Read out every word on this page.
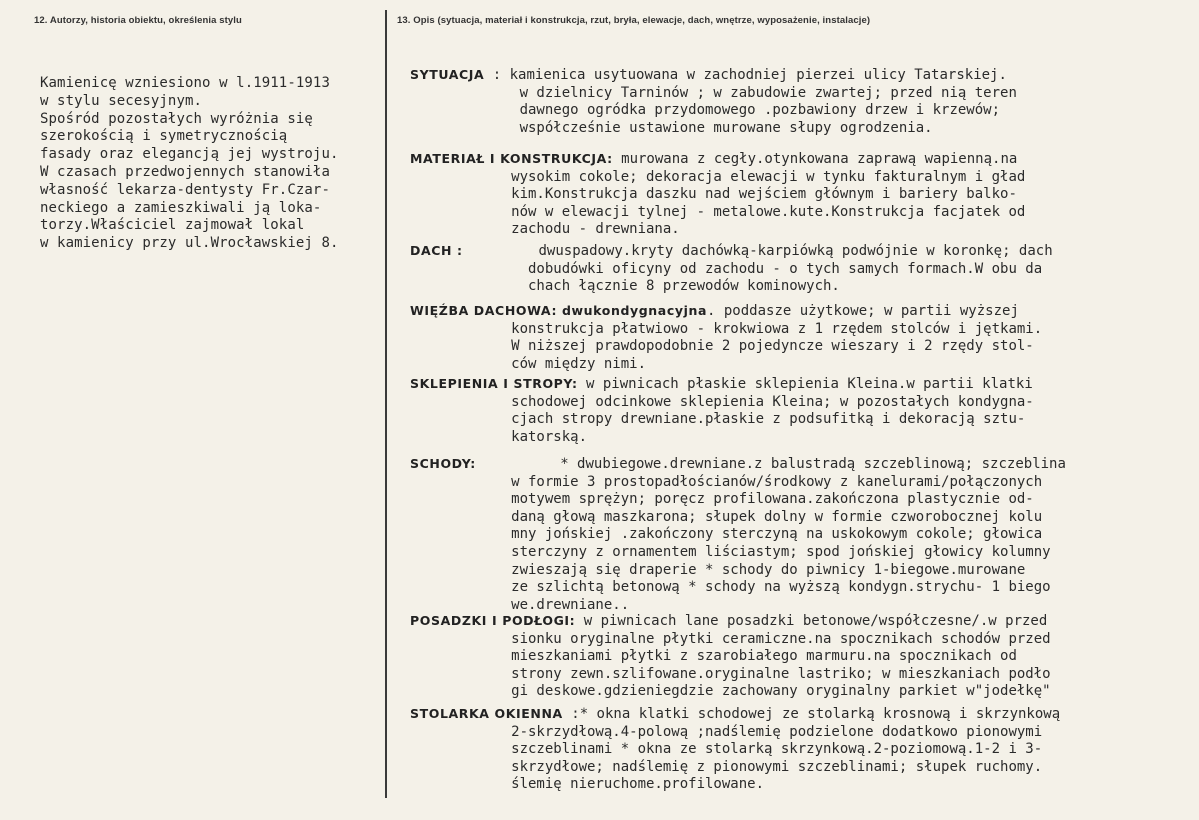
12. Autorzy, historia obiektu, określenia stylu	13. Opis (sytuacja, materiał i konstrukcja, rzut, bryła, elewacje, dach, wnętrze, wyposażenie, instalacje)
Kamienicę wzniesiono w l.1911-1913
w stylu secesyjnym.
Spośród pozostałych wyróżnia się
szerokością i symetrycznością
fasady oraz elegancją jej wystroju.
W czasach przedwojennych stanowiła
własność lekarza-dentysty Fr.Czar-
neckiego a zamieszkiwali ją loka-
torzy.Właściciel zajmował lokal
w kamienicy przy ul.Wrocławskiej 8.
SYTUACJA : kamienica usytuowana w zachodniej pierzei ulicy Tatarskiej.
w dzielnicy Tarninów ; w zabudowie zwartej; przed nią teren
dawnego ogródka przydomowego .pozbawiony drzew i krzewów;
współcześnie ustawione murowane słupy ogrodzenia.
MATERIAŁ I KONSTRUKCJA: murowana z cegły.otynkowana zaprawą wapienną.na
wysokim cokole; dekoracja elewacji w tynku fakturalnym i gład
kim.Konstrukcja daszku nad wejściem głównym i bariery balko-
nów w elewacji tylnej - metalowe.kute.Konstrukcja facjatek od
zachodu - drewniana.
DACH :         dwuspadowy.kryty dachówką-karpiówką podwójnie w koronkę; dach
dobudówki oficyny od zachodu - o tych samych formach.W obu da
chach łącznie 8 przewodów kominowych.
WIĘŹBA DACHOWA: dwukondygnacyjna. poddasze użytkowe; w partii wyższej
konstrukcja płatwiowo - krokwiowa z 1 rzędem stolców i jętkami.
W niższej prawdopodobnie 2 pojedyncze wieszary i 2 rzędy stol-
ców między nimi.
SKLEPIENIA I STROPY: w piwnicach płaskie sklepienia Kleina.w partii klatki
schodowej odcinkowe sklepienia Kleina; w pozostałych kondygna-
cjach stropy drewniane.płaskie z podsufitką i dekoracją sztu-
katorską.
SCHODY:          * dwubiegowe.drewniane.z balustradą szczeblinową; szczeblina
w formie 3 prostopadłościanów/środkowy z kanelurami/połączonych
motywem sprężyn; poręcz profilowana.zakończona plastycznie od-
daną głową maszkarona; słupek dolny w formie czworobocznej kolu
mny jońskiej .zakończony sterczyną na uskokowym cokole; głowica
sterczyny z ornamentem liściastym; spod jońskiej głowicy kolumny
zwieszają się draperie * schody do piwnicy 1-biegowe.murowane
ze szlichtą betonową * schody na wyższą kondygn.strychu- 1 biego
we.drewniane..
POSADZKI I PODŁOGI: w piwnicach lane posadzki betonowe/współczesne/.w przed
sionku oryginalne płytki ceramiczne.na spocznikach schodów przed
mieszkaniami płytki z szarobiałego marmuru.na spocznikach od
strony zewn.szlifowane.oryginalne lastriko; w mieszkaniach podło
gi deskowe.gdzieniegdzie zachowany oryginalny parkiet w"jodełkę"
STOLARKA OKIENNA :* okna klatki schodowej ze stolarką krosnową i skrzynkową
2-skrzydłową.4-polową ;nadślemię podzielone dodatkowo pionowymi
szczeblinami * okna ze stolarką skrzynkową.2-poziomową.1-2 i 3-
skrzydłowe; nadślemię z pionowymi szczeblinami; słupek ruchomy.
ślemię nieruchome.profilowane.
